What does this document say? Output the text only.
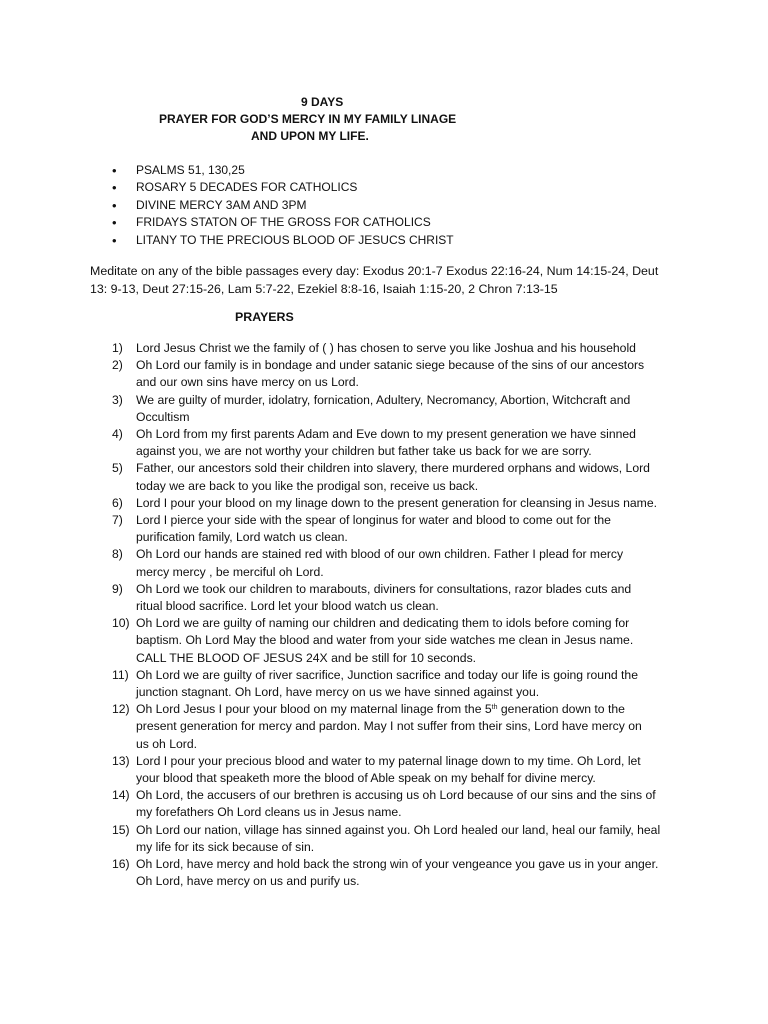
9 DAYS
PRAYER FOR GOD’S MERCY IN MY FAMILY LINAGE
AND UPON MY LIFE.
• PSALMS 51, 130,25
• ROSARY 5 DECADES FOR CATHOLICS
• DIVINE MERCY 3AM AND 3PM
• FRIDAYS STATON OF THE GROSS FOR CATHOLICS
• LITANY TO THE PRECIOUS BLOOD OF JESUCS CHRIST
Meditate on any of the bible passages every day: Exodus 20:1-7 Exodus 22:16-24, Num 14:15-24, Deut
13: 9-13, Deut 27:15-26, Lam 5:7-22, Ezekiel 8:8-16, Isaiah 1:15-20, 2 Chron 7:13-15
PRAYERS
1) Lord Jesus Christ we the family of ( ) has chosen to serve you like Joshua and his household
2) Oh Lord our family is in bondage and under satanic siege because of the sins of our ancestors
and our own sins have mercy on us Lord.
3) We are guilty of murder, idolatry, fornication, Adultery, Necromancy, Abortion, Witchcraft and
Occultism
4) Oh Lord from my first parents Adam and Eve down to my present generation we have sinned
against you, we are not worthy your children but father take us back for we are sorry.
5) Father, our ancestors sold their children into slavery, there murdered orphans and widows, Lord
today we are back to you like the prodigal son, receive us back.
6) Lord I pour your blood on my linage down to the present generation for cleansing in Jesus name.
7) Lord I pierce your side with the spear of longinus for water and blood to come out for the
purification family, Lord watch us clean.
8) Oh Lord our hands are stained red with blood of our own children. Father I plead for mercy
mercy mercy , be merciful oh Lord.
9) Oh Lord we took our children to marabouts, diviners for consultations, razor blades cuts and
ritual blood sacrifice. Lord let your blood watch us clean.
10) Oh Lord we are guilty of naming our children and dedicating them to idols before coming for
baptism. Oh Lord May the blood and water from your side watches me clean in Jesus name.
CALL THE BLOOD OF JESUS 24X and be still for 10 seconds.
11) Oh Lord we are guilty of river sacrifice, Junction sacrifice and today our life is going round the
junction stagnant. Oh Lord, have mercy on us we have sinned against you.
12) Oh Lord Jesus I pour your blood on my maternal linage from the 5th generation down to the
present generation for mercy and pardon. May I not suffer from their sins, Lord have mercy on
us oh Lord.
13) Lord I pour your precious blood and water to my paternal linage down to my time. Oh Lord, let
your blood that speaketh more the blood of Able speak on my behalf for divine mercy.
14) Oh Lord, the accusers of our brethren is accusing us oh Lord because of our sins and the sins of
my forefathers Oh Lord cleans us in Jesus name.
15) Oh Lord our nation, village has sinned against you. Oh Lord healed our land, heal our family, heal
my life for its sick because of sin.
16) Oh Lord, have mercy and hold back the strong win of your vengeance you gave us in your anger.
Oh Lord, have mercy on us and purify us.
